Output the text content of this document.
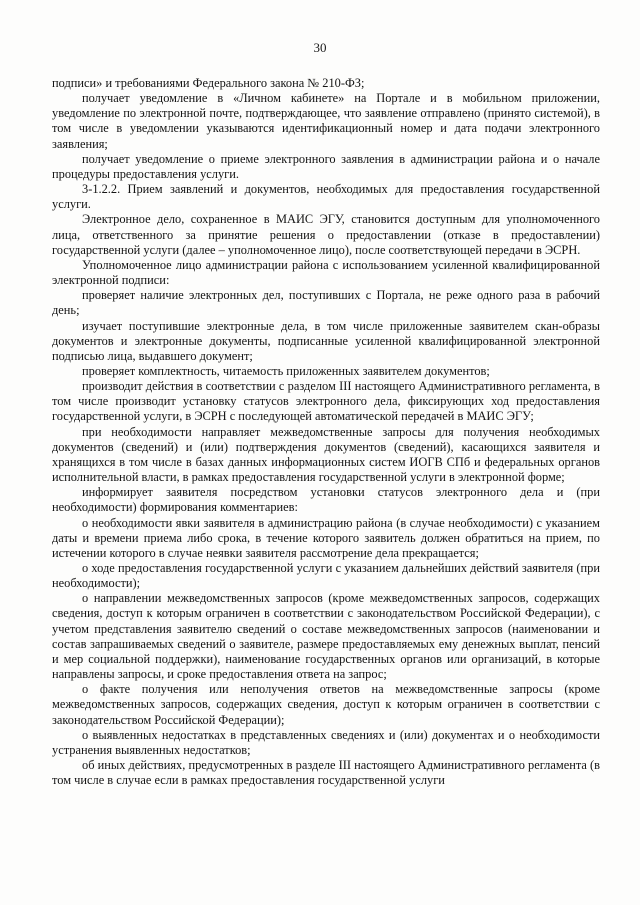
30

подписи» и требованиями Федерального закона № 210-ФЗ;

получает уведомление в «Личном кабинете» на Портале и в мобильном приложении, уведомление по электронной почте, подтверждающее, что заявление отправлено (принято системой), в том числе в уведомлении указываются идентификационный номер и дата подачи электронного заявления;

получает уведомление о приеме электронного заявления в администрации района и о начале процедуры предоставления услуги.

3-1.2.2. Прием заявлений и документов, необходимых для предоставления государственной услуги.

Электронное дело, сохраненное в МАИС ЭГУ, становится доступным для уполномоченного лица, ответственного за принятие решения о предоставлении (отказе в предоставлении) государственной услуги (далее – уполномоченное лицо), после соответствующей передачи в ЭСРН.

Уполномоченное лицо администрации района с использованием усиленной квалифицированной электронной подписи:

проверяет наличие электронных дел, поступивших с Портала, не реже одного раза в рабочий день;

изучает поступившие электронные дела, в том числе приложенные заявителем скан-образы документов и электронные документы, подписанные усиленной квалифицированной электронной подписью лица, выдавшего документ;

проверяет комплектность, читаемость приложенных заявителем документов;

производит действия в соответствии с разделом III настоящего Административного регламента, в том числе производит установку статусов электронного дела, фиксирующих ход предоставления государственной услуги, в ЭСРН с последующей автоматической передачей в МАИС ЭГУ;

при необходимости направляет межведомственные запросы для получения необходимых документов (сведений) и (или) подтверждения документов (сведений), касающихся заявителя и хранящихся в том числе в базах данных информационных систем ИОГВ СПб и федеральных органов исполнительной власти, в рамках предоставления государственной услуги в электронной форме;

информирует заявителя посредством установки статусов электронного дела и (при необходимости) формирования комментариев:

о необходимости явки заявителя в администрацию района (в случае необходимости) с указанием даты и времени приема либо срока, в течение которого заявитель должен обратиться на прием, по истечении которого в случае неявки заявителя рассмотрение дела прекращается;

о ходе предоставления государственной услуги с указанием дальнейших действий заявителя (при необходимости);

о направлении межведомственных запросов (кроме межведомственных запросов, содержащих сведения, доступ к которым ограничен в соответствии с законодательством Российской Федерации), с учетом представления заявителю сведений о составе межведомственных запросов (наименовании и состав запрашиваемых сведений о заявителе, размере предоставляемых ему денежных выплат, пенсий и мер социальной поддержки), наименование государственных органов или организаций, в которые направлены запросы, и сроке предоставления ответа на запрос;

о факте получения или неполучения ответов на межведомственные запросы (кроме межведомственных запросов, содержащих сведения, доступ к которым ограничен в соответствии с законодательством Российской Федерации);

о выявленных недостатках в представленных сведениях и (или) документах и о необходимости устранения выявленных недостатков;

об иных действиях, предусмотренных в разделе III настоящего Административного регламента (в том числе в случае если в рамках предоставления государственной услуги
